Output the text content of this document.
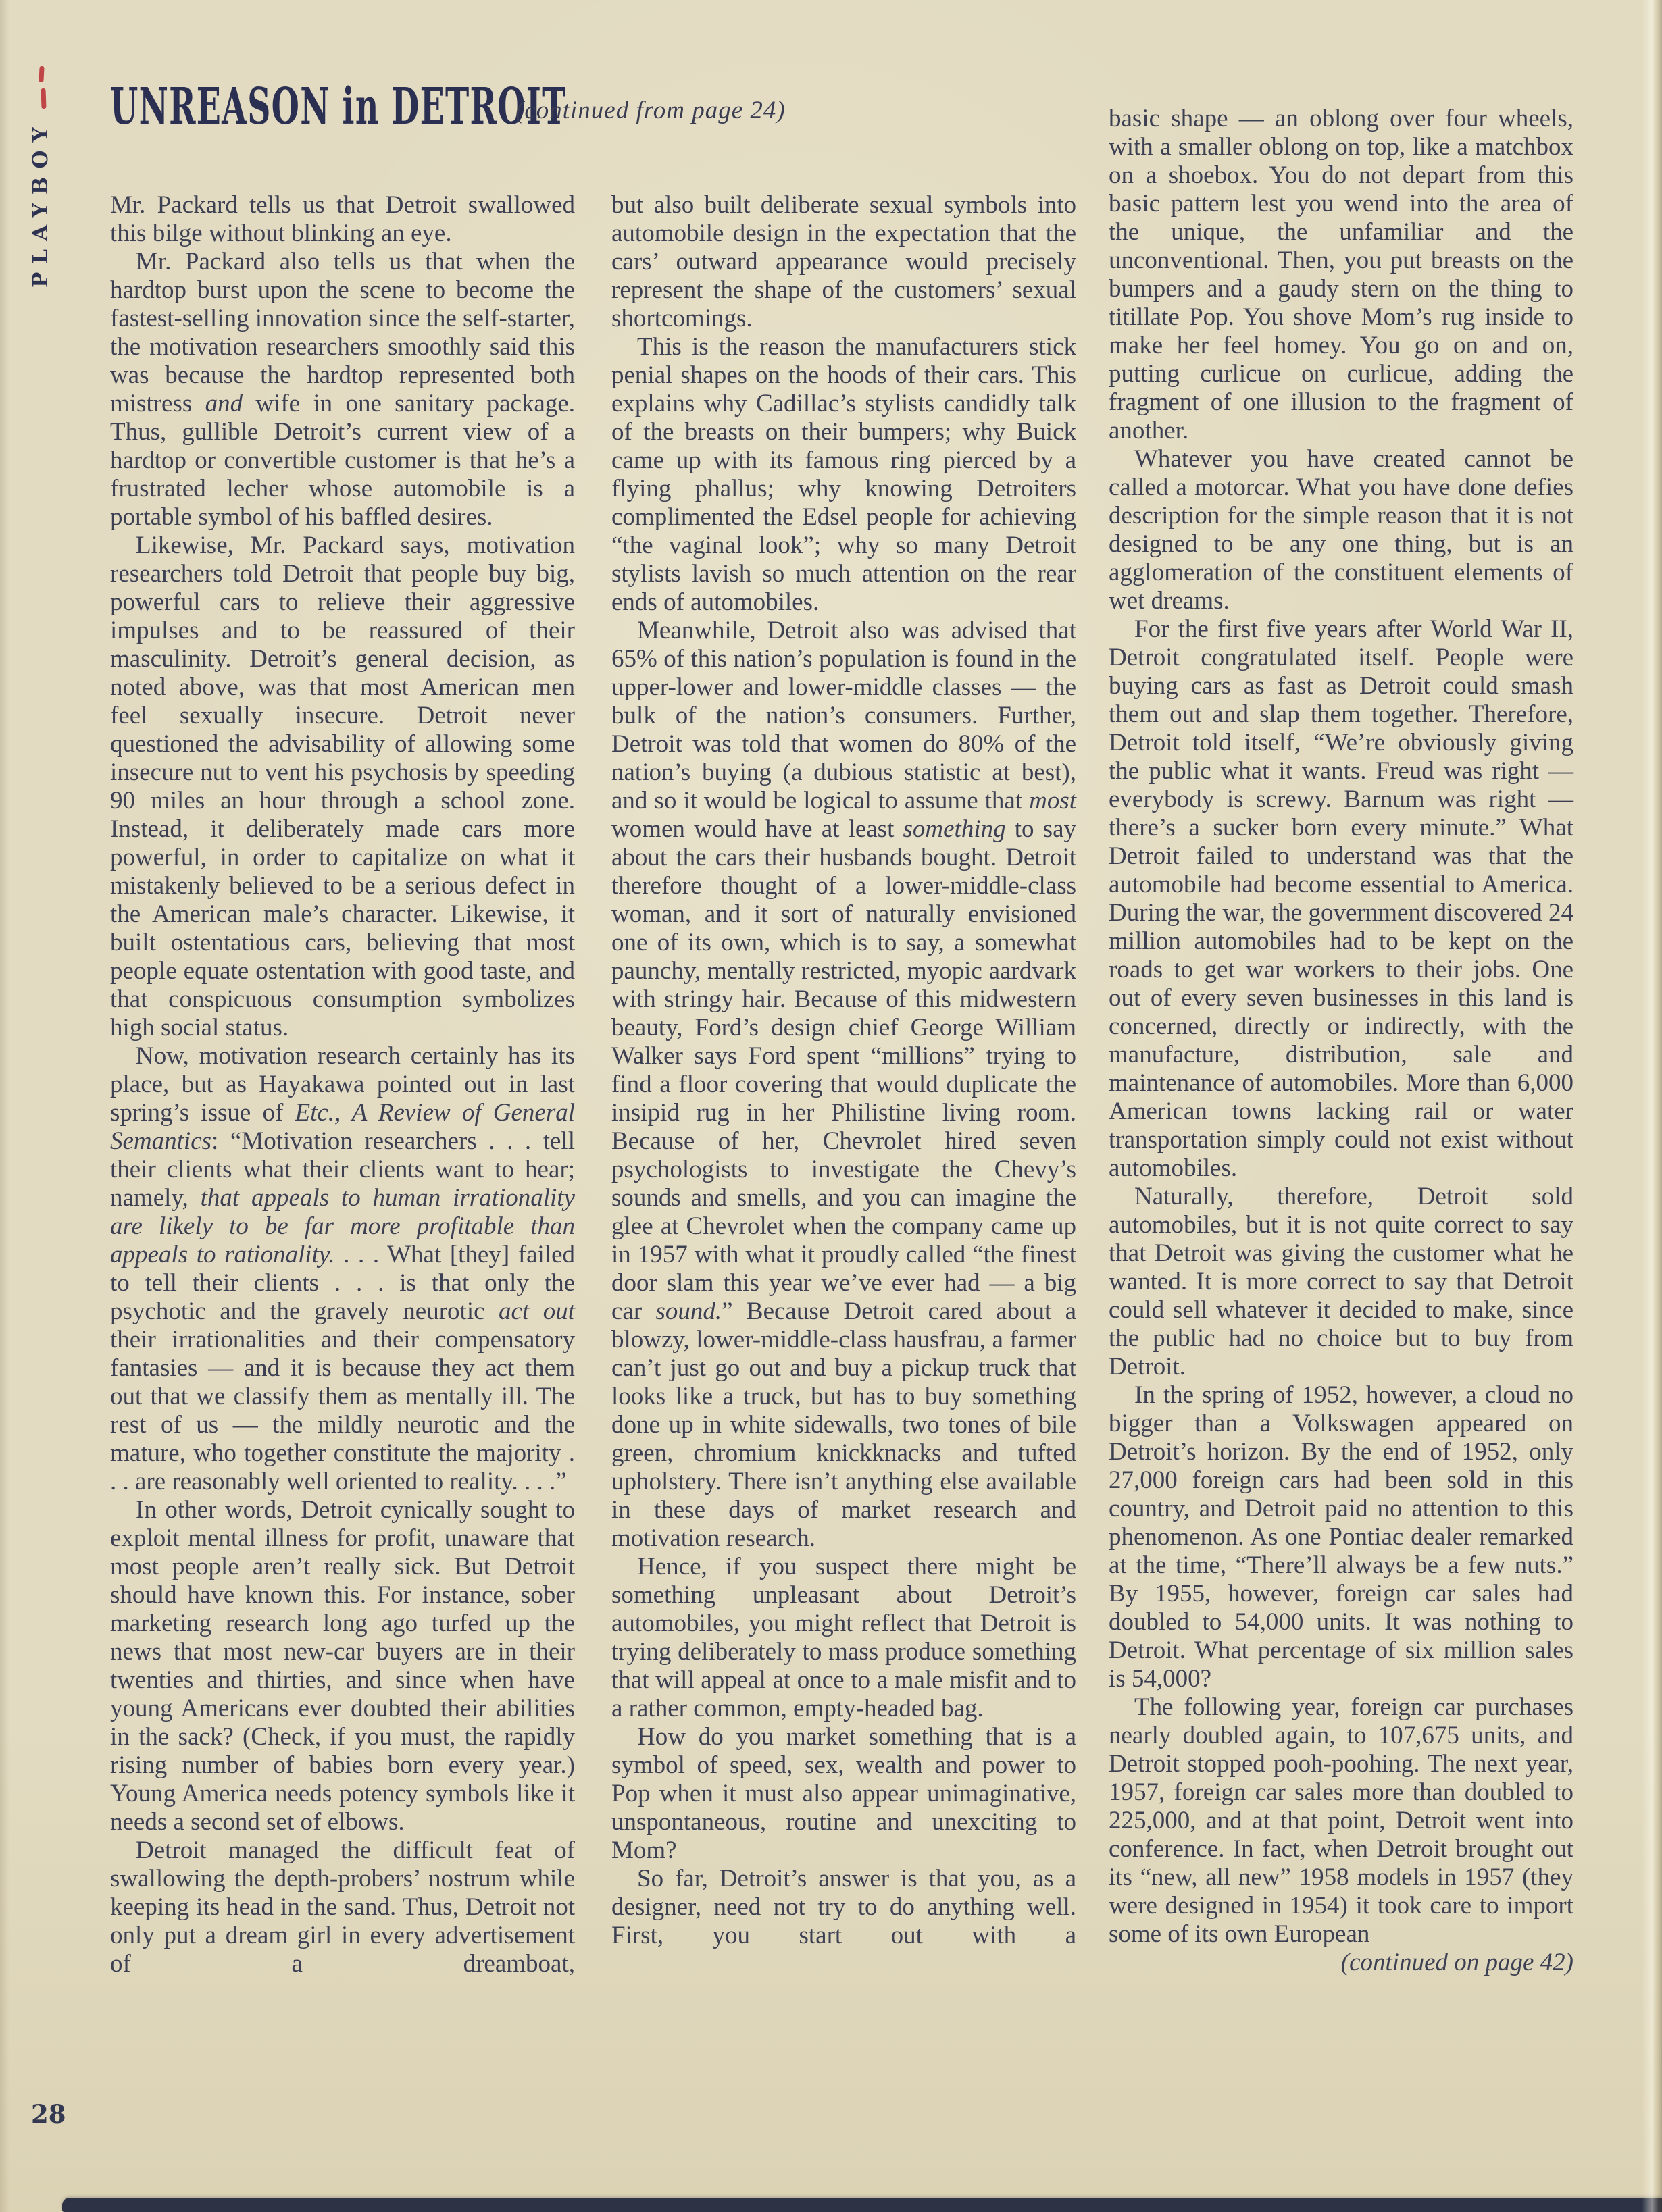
PLAYBOY
UNREASON in DETROIT
(continued from page 24)

Mr. Packard tells us that Detroit swallowed this bilge without blinking an eye.

Mr. Packard also tells us that when the hardtop burst upon the scene to become the fastest-selling innovation since the self-starter, the motivation researchers smoothly said this was because the hardtop represented both mistress and wife in one sanitary package. Thus, gullible Detroit’s current view of a hardtop or convertible customer is that he’s a frustrated lecher whose automobile is a portable symbol of his baffled desires.

Likewise, Mr. Packard says, motivation researchers told Detroit that people buy big, powerful cars to relieve their aggressive impulses and to be reassured of their masculinity. Detroit’s general decision, as noted above, was that most American men feel sexually insecure. Detroit never questioned the advisability of allowing some insecure nut to vent his psychosis by speeding 90 miles an hour through a school zone. Instead, it deliberately made cars more powerful, in order to capitalize on what it mistakenly believed to be a serious defect in the American male’s character. Likewise, it built ostentatious cars, believing that most people equate ostentation with good taste, and that conspicuous consumption symbolizes high social status.

Now, motivation research certainly has its place, but as Hayakawa pointed out in last spring’s issue of Etc., A Review of General Semantics: “Motivation researchers . . . tell their clients what their clients want to hear; namely, that appeals to human irrationality are likely to be far more profitable than appeals to rationality. . . . What [they] failed to tell their clients . . . is that only the psychotic and the gravely neurotic act out their irrationalities and their compensatory fantasies — and it is because they act them out that we classify them as mentally ill. The rest of us — the mildly neurotic and the mature, who together constitute the majority . . . are reasonably well oriented to reality. . . .”

In other words, Detroit cynically sought to exploit mental illness for profit, unaware that most people aren’t really sick. But Detroit should have known this. For instance, sober marketing research long ago turfed up the news that most new-car buyers are in their twenties and thirties, and since when have young Americans ever doubted their abilities in the sack? (Check, if you must, the rapidly rising number of babies born every year.) Young America needs potency symbols like it needs a second set of elbows.

Detroit managed the difficult feat of swallowing the depth-probers’ nostrum while keeping its head in the sand. Thus, Detroit not only put a dream girl in every advertisement of a dreamboat,

but also built deliberate sexual symbols into automobile design in the expectation that the cars’ outward appearance would precisely represent the shape of the customers’ sexual shortcomings.

This is the reason the manufacturers stick penial shapes on the hoods of their cars. This explains why Cadillac’s stylists candidly talk of the breasts on their bumpers; why Buick came up with its famous ring pierced by a flying phallus; why knowing Detroiters complimented the Edsel people for achieving “the vaginal look”; why so many Detroit stylists lavish so much attention on the rear ends of automobiles.

Meanwhile, Detroit also was advised that 65% of this nation’s population is found in the upper-lower and lower-middle classes — the bulk of the nation’s consumers. Further, Detroit was told that women do 80% of the nation’s buying (a dubious statistic at best), and so it would be logical to assume that most women would have at least something to say about the cars their husbands bought. Detroit therefore thought of a lower-middle-class woman, and it sort of naturally envisioned one of its own, which is to say, a somewhat paunchy, mentally restricted, myopic aardvark with stringy hair. Because of this midwestern beauty, Ford’s design chief George William Walker says Ford spent “millions” trying to find a floor covering that would duplicate the insipid rug in her Philistine living room. Because of her, Chevrolet hired seven psychologists to investigate the Chevy’s sounds and smells, and you can imagine the glee at Chevrolet when the company came up in 1957 with what it proudly called “the finest door slam this year we’ve ever had — a big car sound.” Because Detroit cared about a blowzy, lower-middle-class hausfrau, a farmer can’t just go out and buy a pickup truck that looks like a truck, but has to buy something done up in white sidewalls, two tones of bile green, chromium knickknacks and tufted upholstery. There isn’t anything else available in these days of market research and motivation research.

Hence, if you suspect there might be something unpleasant about Detroit’s automobiles, you might reflect that Detroit is trying deliberately to mass produce something that will appeal at once to a male misfit and to a rather common, empty-headed bag.

How do you market something that is a symbol of speed, sex, wealth and power to Pop when it must also appear unimaginative, unspontaneous, routine and unexciting to Mom?

So far, Detroit’s answer is that you, as a designer, need not try to do anything well. First, you start out with a

basic shape — an oblong over four wheels, with a smaller oblong on top, like a matchbox on a shoebox. You do not depart from this basic pattern lest you wend into the area of the unique, the unfamiliar and the unconventional. Then, you put breasts on the bumpers and a gaudy stern on the thing to titillate Pop. You shove Mom’s rug inside to make her feel homey. You go on and on, putting curlicue on curlicue, adding the fragment of one illusion to the fragment of another.

Whatever you have created cannot be called a motorcar. What you have done defies description for the simple reason that it is not designed to be any one thing, but is an agglomeration of the constituent elements of wet dreams.

For the first five years after World War II, Detroit congratulated itself. People were buying cars as fast as Detroit could smash them out and slap them together. Therefore, Detroit told itself, “We’re obviously giving the public what it wants. Freud was right — everybody is screwy. Barnum was right — there’s a sucker born every minute.” What Detroit failed to understand was that the automobile had become essential to America. During the war, the government discovered 24 million automobiles had to be kept on the roads to get war workers to their jobs. One out of every seven businesses in this land is concerned, directly or indirectly, with the manufacture, distribution, sale and maintenance of automobiles. More than 6,000 American towns lacking rail or water transportation simply could not exist without automobiles.

Naturally, therefore, Detroit sold automobiles, but it is not quite correct to say that Detroit was giving the customer what he wanted. It is more correct to say that Detroit could sell whatever it decided to make, since the public had no choice but to buy from Detroit.

In the spring of 1952, however, a cloud no bigger than a Volkswagen appeared on Detroit’s horizon. By the end of 1952, only 27,000 foreign cars had been sold in this country, and Detroit paid no attention to this phenomenon. As one Pontiac dealer remarked at the time, “There’ll always be a few nuts.” By 1955, however, foreign car sales had doubled to 54,000 units. It was nothing to Detroit. What percentage of six million sales is 54,000?

The following year, foreign car purchases nearly doubled again, to 107,675 units, and Detroit stopped pooh-poohing. The next year, 1957, foreign car sales more than doubled to 225,000, and at that point, Detroit went into conference. In fact, when Detroit brought out its “new, all new” 1958 models in 1957 (they were designed in 1954) it took care to import some of its own European

(continued on page 42)

28
